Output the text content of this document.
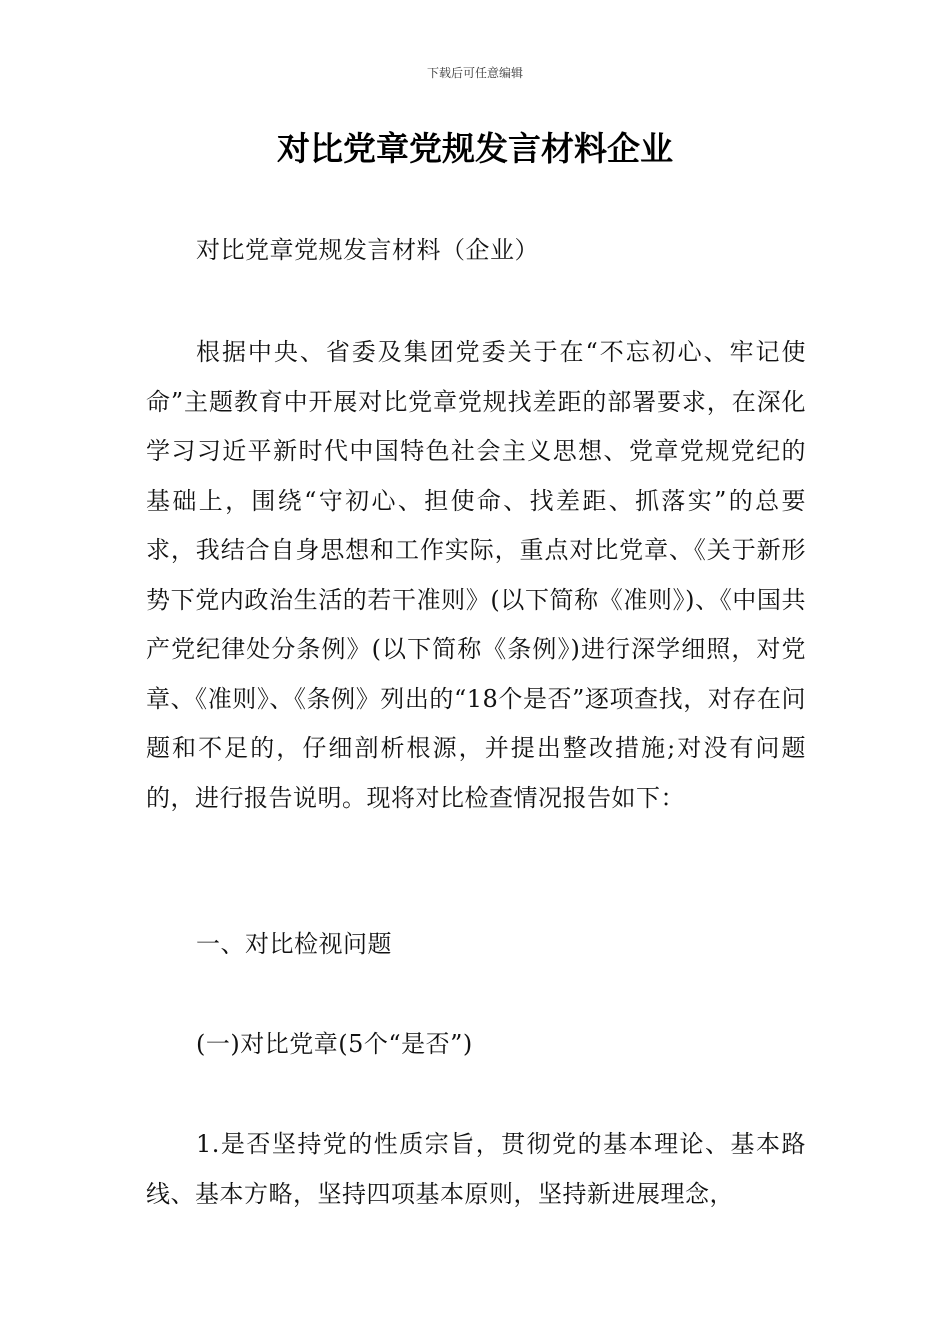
下载后可任意编辑
对比党章党规发言材料企业

对比党章党规发言材料（企业）

根据中央、省委及集团党委关于在“不忘初心、牢记使命”主题教育中开展对比党章党规找差距的部署要求，在深化学习习近平新时代中国特色社会主义思想、党章党规党纪的基础上，围绕“守初心、担使命、找差距、抓落实”的总要求，我结合自身思想和工作实际，重点对比党章、《关于新形势下党内政治生活的若干准则》(以下简称《准则》)、《中国共产党纪律处分条例》(以下简称《条例》)进行深学细照，对党章、《准则》、《条例》列出的“18个是否”逐项查找，对存在问题和不足的，仔细剖析根源，并提出整改措施;对没有问题的，进行报告说明。现将对比检查情况报告如下：

一、对比检视问题

(一)对比党章(5个“是否”)

1.是否坚持党的性质宗旨，贯彻党的基本理论、基本路线、基本方略，坚持四项基本原则，坚持新进展理念，
